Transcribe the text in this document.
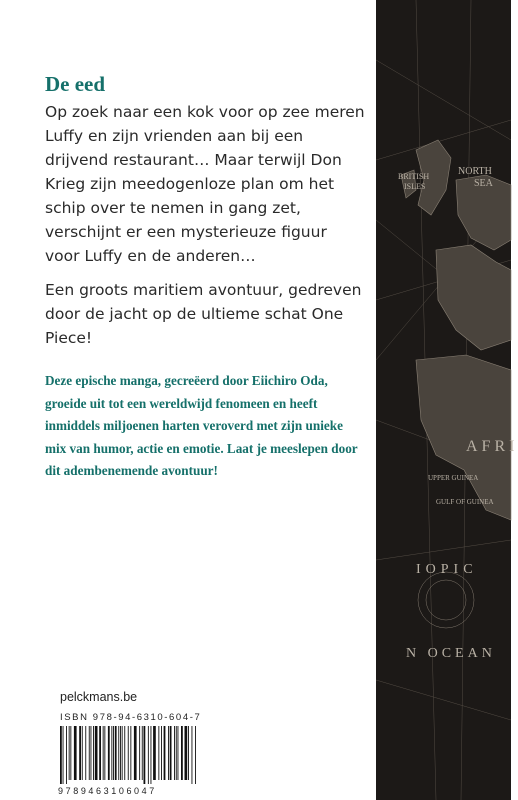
De eed

Op zoek naar een kok voor op zee meren Luffy en zijn vrienden aan bij een drijvend restaurant… Maar terwijl Don Krieg zijn meedogenloze plan om het schip over te nemen in gang zet, verschijnt er een mysterieuze figuur voor Luffy en de anderen…

Een groots maritiem avontuur, gedreven door de jacht op de ultieme schat One Piece!

Deze epische manga, gecreëerd door Eiichiro Oda, groeide uit tot een wereldwijd fenomeen en heeft inmiddels miljoenen harten veroverd met zijn unieke mix van humor, actie en emotie. Laat je meeslepen door dit adembenemende avontuur!

pelckmans.be
ISBN 978-94-6310-604-7
9789463106047
NORTH
SEA
BRITISH
ISLES
AFRI
UPPER GUINEA
GULF OF GUINEA
IOPIC
N OCEAN
